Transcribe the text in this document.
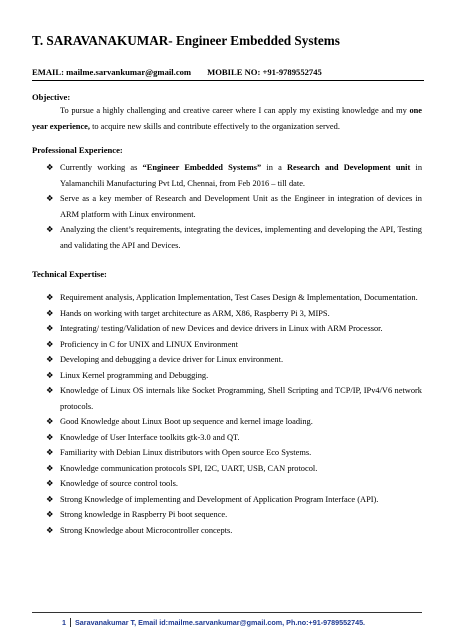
T. SARAVANAKUMAR- Engineer Embedded Systems
EMAIL: mailme.sarvankumar@gmail.com MOBILE NO: +91-9789552745
Objective:
To pursue a highly challenging and creative career where I can apply my existing knowledge and my one year experience, to acquire new skills and contribute effectively to the organization served.
Professional Experience:
❖ Currently working as “Engineer Embedded Systems” in a Research and Development unit in Yalamanchili Manufacturing Pvt Ltd, Chennai, from Feb 2016 – till date.
❖ Serve as a key member of Research and Development Unit as the Engineer in integration of devices in ARM platform with Linux environment.
❖ Analyzing the client’s requirements, integrating the devices, implementing and developing the API, Testing and validating the API and Devices.
Technical Expertise:
❖ Requirement analysis, Application Implementation, Test Cases Design & Implementation, Documentation.
❖ Hands on working with target architecture as ARM, X86, Raspberry Pi 3, MIPS.
❖ Integrating/ testing/Validation of new Devices and device drivers in Linux with ARM Processor.
❖ Proficiency in C for UNIX and LINUX Environment
❖ Developing and debugging a device driver for Linux environment.
❖ Linux Kernel programming and Debugging.
❖ Knowledge of Linux OS internals like Socket Programming, Shell Scripting and TCP/IP, IPv4/V6 network protocols.
❖ Good Knowledge about Linux Boot up sequence and kernel image loading.
❖ Knowledge of User Interface toolkits gtk-3.0 and QT.
❖ Familiarity with Debian Linux distributors with Open source Eco Systems.
❖ Knowledge communication protocols SPI, I2C, UART, USB, CAN protocol.
❖ Knowledge of source control tools.
❖ Strong Knowledge of implementing and Development of Application Program Interface (API).
❖ Strong knowledge in Raspberry Pi boot sequence.
❖ Strong Knowledge about Microcontroller concepts.
1 Saravanakumar T, Email id:mailme.sarvankumar@gmail.com, Ph.no:+91-9789552745.
